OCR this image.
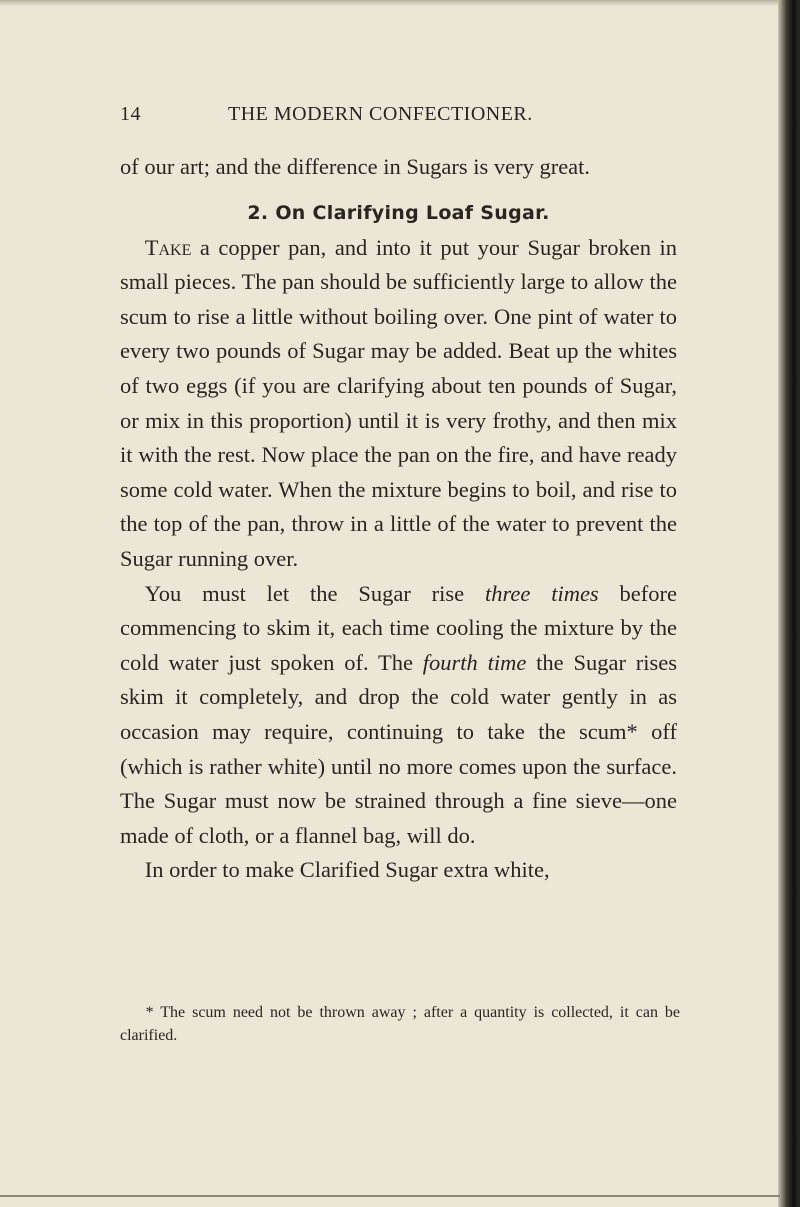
14	THE MODERN CONFECTIONER.

of our art; and the difference in Sugars is very great.

2. On Clarifying Loaf Sugar.

Take a copper pan, and into it put your Sugar broken in small pieces. The pan should be sufficiently large to allow the scum to rise a little without boiling over. One pint of water to every two pounds of Sugar may be added. Beat up the whites of two eggs (if you are clarifying about ten pounds of Sugar, or mix in this proportion) until it is very frothy, and then mix it with the rest. Now place the pan on the fire, and have ready some cold water. When the mixture begins to boil, and rise to the top of the pan, throw in a little of the water to prevent the Sugar running over.

You must let the Sugar rise three times before commencing to skim it, each time cooling the mixture by the cold water just spoken of. The fourth time the Sugar rises skim it completely, and drop the cold water gently in as occasion may require, continuing to take the scum* off (which is rather white) until no more comes upon the surface. The Sugar must now be strained through a fine sieve—one made of cloth, or a flannel bag, will do.

In order to make Clarified Sugar extra white,

* The scum need not be thrown away ; after a quantity is collected, it can be clarified.
